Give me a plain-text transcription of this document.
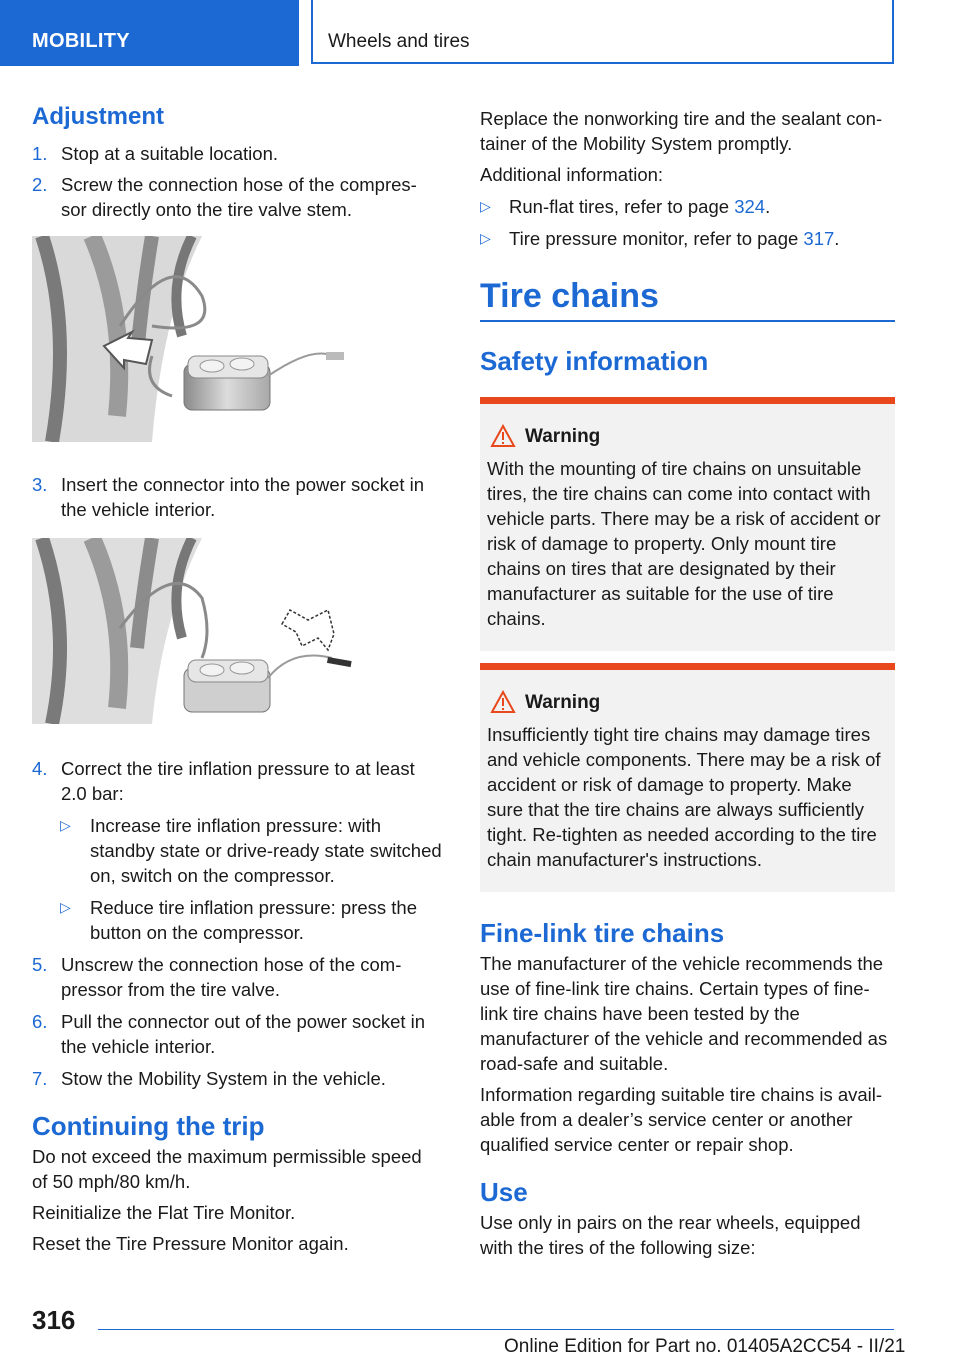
MOBILITY	Wheels and tires
Adjustment
1. Stop at a suitable location.
2. Screw the connection hose of the compres‐sor directly onto the tire valve stem.
3. Insert the connector into the power socket in the vehicle interior.
4. Correct the tire inflation pressure to at least 2.0 bar:
▷ Increase tire inflation pressure: with standby state or drive-ready state switched on, switch on the compressor.
▷ Reduce tire inflation pressure: press the button on the compressor.
5. Unscrew the connection hose of the com‐pressor from the tire valve.
6. Pull the connector out of the power socket in the vehicle interior.
7. Stow the Mobility System in the vehicle.
Continuing the trip

Do not exceed the maximum permissible speed of 50 mph/80 km/h.

Reinitialize the Flat Tire Monitor.

Reset the Tire Pressure Monitor again.

Replace the nonworking tire and the sealant con‐tainer of the Mobility System promptly.

Additional information:

▷ Run-flat tires, refer to page 324.
▷ Tire pressure monitor, refer to page 317.
Tire chains
Safety information
Warning

With the mounting of tire chains on unsuitable tires, the tire chains can come into contact with vehicle parts. There may be a risk of accident or risk of damage to property. Only mount tire chains on tires that are designated by their manufacturer as suitable for the use of tire chains.

Warning

Insufficiently tight tire chains may damage tires and vehicle components. There may be a risk of accident or risk of damage to property. Make sure that the tire chains are always sufficiently tight. Re-tighten as needed according to the tire chain manufacturer's instructions.

Fine-link tire chains

The manufacturer of the vehicle recommends the use of fine-link tire chains. Certain types of fine-link tire chains have been tested by the manufacturer of the vehicle and recommended as road-safe and suitable.

Information regarding suitable tire chains is avail‐able from a dealer’s service center or another qualified service center or repair shop.

Use

Use only in pairs on the rear wheels, equipped with the tires of the following size:

316
Online Edition for Part no. 01405A2CC54 - II/21
